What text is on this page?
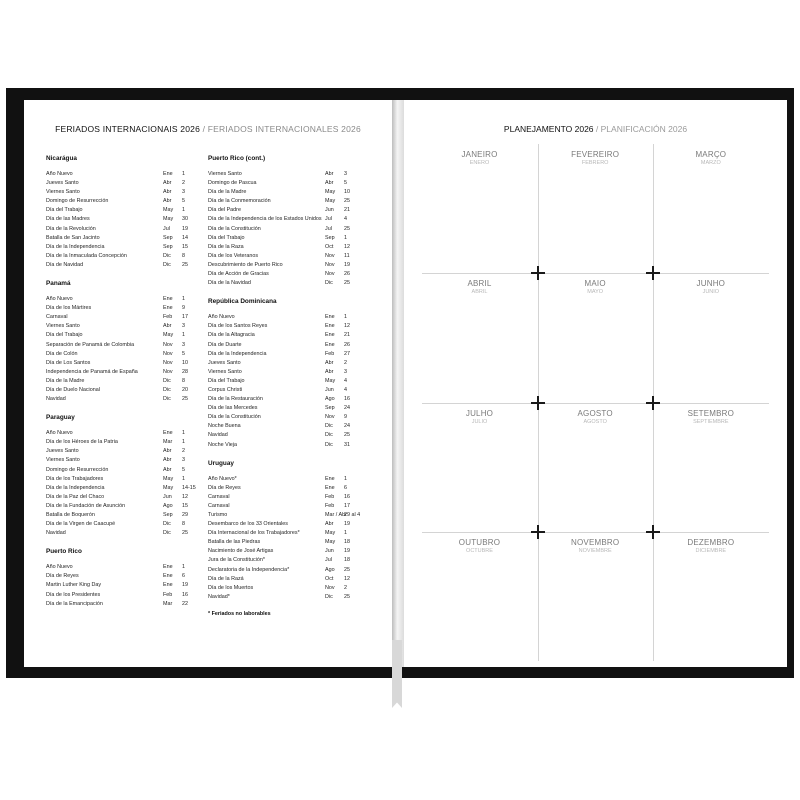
FERIADOS INTERNACIONAIS 2026 / FERIADOS INTERNACIONALES 2026
Nicarágua
Año Nuevo	Ene 1
Jueves Santo	Abr 2
Viernes Santo	Abr 3
Domingo de Resurrección	Abr 5
Día del Trabajo	May 1
Día de las Madres	May 30
Día de la Revolución	Jul 19
Batalla de San Jacinto	Sep 14
Día de la Independencia	Sep 15
Día de la Inmaculada Concepción	Dic 8
Día de Navidad	Dic 25
Panamá
Año Nuevo	Ene 1
Día de los Mártires	Ene 9
Carnaval	Feb 17
Viernes Santo	Abr 3
Día del Trabajo	May 1
Separación de Panamá de Colombia	Nov 3
Día de Colón	Nov 5
Día de Los Santos	Nov 10
Independencia de Panamá de España	Nov 28
Día de la Madre	Dic 8
Día de Duelo Nacional	Dic 20
Navidad	Dic 25
Paraguay
Año Nuevo	Ene 1
Día de los Héroes de la Patria	Mar 1
Jueves Santo	Abr 2
Viernes Santo	Abr 3
Domingo de Resurrección	Abr 5
Día de los Trabajadores	May 1
Día de la Independencia	May 14-15
Día de la Paz del Chaco	Jun 12
Día de la Fundación de Asunción	Ago 15
Batalla de Boquerón	Sep 29
Día de la Virgen de Caacupé	Dic 8
Navidad	Dic 25
Puerto Rico
Año Nuevo	Ene 1
Día de Reyes	Ene 6
Martin Luther King Day	Ene 19
Día de los Presidentes	Feb 16
Día de la Emancipación	Mar 22
Puerto Rico (cont.)
Viernes Santo	Abr 3
Domingo de Pascua	Abr 5
Día de la Madre	May 10
Día de la Conmemoración	May 25
Día del Padre	Jun 21
Día de la Independencia de los Estados Unidos Jul 4
Día de la Constitución	Jul 25
Día del Trabajo	Sep 1
Día de la Raza	Oct 12
Día de los Veteranos	Nov 11
Descubrimiento de Puerto Rico	Nov 19
Día de Acción de Gracias	Nov 26
Día de la Navidad	Dic 25
República Dominicana
Año Nuevo	Ene 1
Día de los Santos Reyes	Ene 12
Día de la Altagracia	Ene 21
Día de Duarte	Ene 26
Día de la Independencia	Feb 27
Jueves Santo	Abr 2
Viernes Santo	Abr 3
Día del Trabajo	May 4
Corpus Christi	Jun 4
Día de la Restauración	Ago 16
Día de las Mercedes	Sep 24
Día de la Constitución	Nov 9
Noche Buena	Dic 24
Navidad	Dic 25
Noche Vieja	Dic 31
Uruguay
Año Nuevo*	Ene 1
Día de Reyes	Ene 6
Carnaval	Feb 16
Carnaval	Feb 17
Turismo	Mar / Abr
29 al 4
Desembarco de los 33 Orientales	Abr 19
Día Internacional de los Trabajadores*	May 1
Batalla de las Piedras	May 18
Nacimiento de José Artigas	Jun 19
Jura de la Constitución*	Jul 18
Declaratoria de la Independencia*	Ago 25
Día de la Razá	Oct 12
Día de los Muertos	Nov 2
Navidad*	Dic 25
* Feriados no laborables
PLANEJAMENTO 2026 / PLANIFICACIÓN 2026
JANEIRO
ENERO
FEVEREIRO
FEBRERO
MARÇO
MARZO
ABRIL
ABRIL
MAIO
MAYO
JUNHO
JUNIO
JULHO
JULIO
AGOSTO
AGOSTO
SETEMBRO
SEPTIEMBRE
OUTUBRO
OCTUBRE
NOVEMBRO
NOVIEMBRE
DEZEMBRO
DICIEMBRE
